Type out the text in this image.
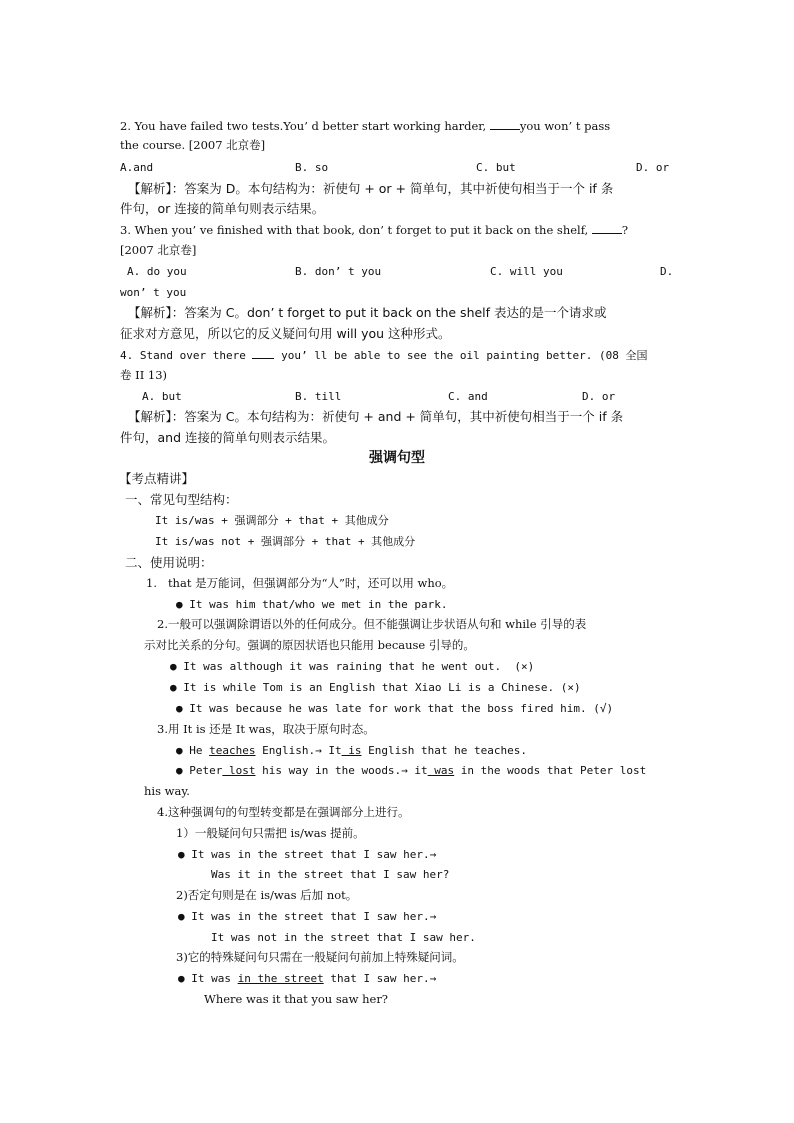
2. You have failed two tests.You’ d better start working harder,	you won’ t pass
the course. [2007 北京卷]
A.and	B. so	C. but	D. or
【解析】：答案为 D。本句结构为：祈使句 + or + 简单句，其中祈使句相当于一个 if 条
件句，or 连接的简单句则表示结果。
3. When you’ ve finished with that book, don’ t forget to put it back on the shelf,	?
[2007 北京卷]
A. do you	B. don’ t you	C. will you	D.
won’ t you
【解析】：答案为 C。don’ t forget to put it back on the shelf 表达的是一个请求或
征求对方意见，所以它的反义疑问句用 will you 这种形式。
4. Stand over there  you’ ll be able to see the oil painting better. (08 全国
卷 II 13)
A. but	B. till	C. and	D. or
【解析】：答案为 C。本句结构为：祈使句 + and + 简单句，其中祈使句相当于一个 if 条
件句，and 连接的简单句则表示结果。
强调句型
【考点精讲】
一、常见句型结构：
It is/was + 强调部分 + that + 其他成分
It is/was not + 强调部分 + that + 其他成分
二、使用说明：
1.   that 是万能词，但强调部分为“人”时，还可以用 who。
● It was him that/who we met in the park.
2.一般可以强调除谓语以外的任何成分。但不能强调让步状语从句和 while 引导的表
示对比关系的分句。强调的原因状语也只能用 because 引导的。
● It was although it was raining that he went out.  (×)
● It is while Tom is an English that Xiao Li is a Chinese. (×)
● It was because he was late for work that the boss fired him. (√)
3.用 It is 还是 It was，取决于原句时态。
● He teaches English.→ It is English that he teaches.
● Peter lost his way in the woods.→ it was in the woods that Peter lost
his way.
4.这种强调句的句型转变都是在强调部分上进行。
1）一般疑问句只需把 is/was 提前。
● It was in the street that I saw her.→
Was it in the street that I saw her?
2)否定句则是在 is/was 后加 not。
● It was in the street that I saw her.→
It was not in the street that I saw her.
3)它的特殊疑问句只需在一般疑问句前加上特殊疑问词。
● It was in the street that I saw her.→
Where was it that you saw her?
